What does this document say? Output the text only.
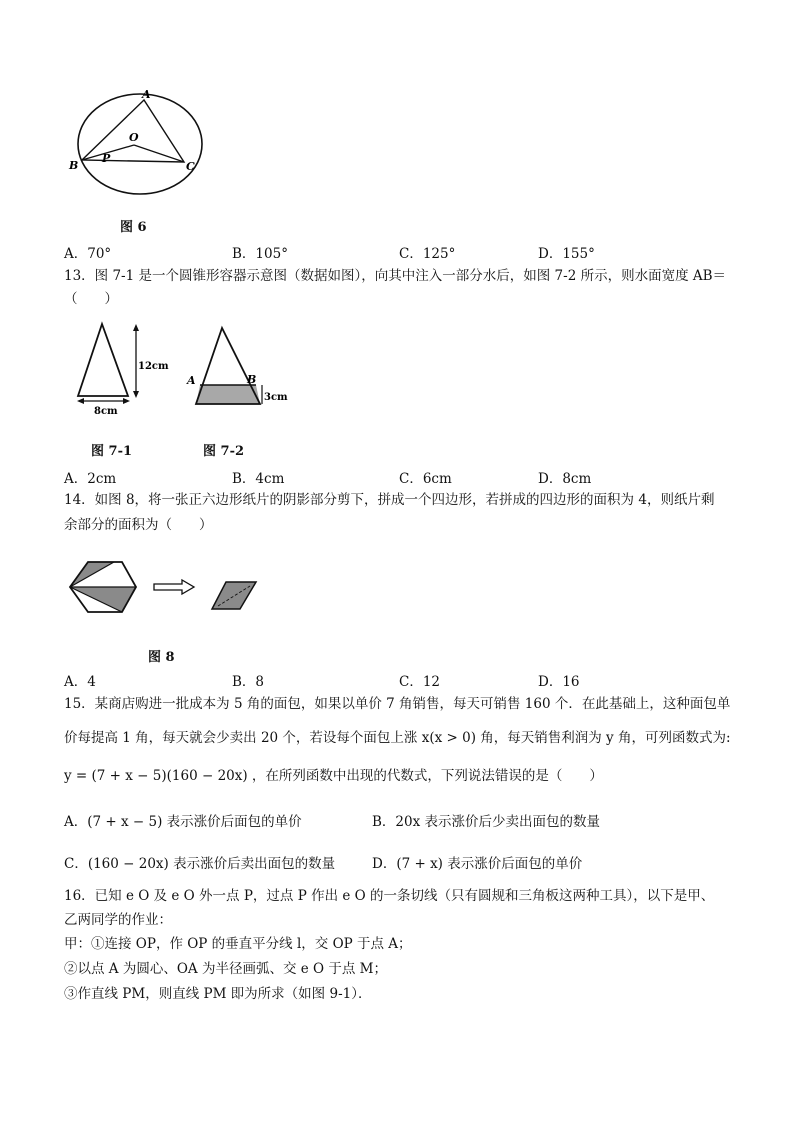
A
O
B
P
C
图 6
A．70°	B．105°	C．125°	D．155°
13．图 7-1 是一个圆锥形容器示意图（数据如图），向其中注入一部分水后，如图 7-2 所示，则水面宽度 AB＝
（　　）
12cm
8cm
A	B
3cm
图 7-1	图 7-2
A．2cm	B．4cm	C．6cm	D．8cm
14．如图 8，将一张正六边形纸片的阴影部分剪下，拼成一个四边形，若拼成的四边形的面积为 4，则纸片剩
余部分的面积为（　　）
图 8
A．4	B．8	C．12	D．16
15．某商店购进一批成本为 5 角的面包，如果以单价 7 角销售，每天可销售 160 个．在此基础上，这种面包单
价每提高 1 角，每天就会少卖出 20 个，若设每个面包上涨 x(x > 0) 角，每天销售利润为 y 角，可列函数式为:
y = (7 + x − 5)(160 − 20x) ，在所列函数中出现的代数式，下列说法错误的是（　　）
A．(7 + x − 5) 表示涨价后面包的单价	B．20x 表示涨价后少卖出面包的数量
C．(160 − 20x) 表示涨价后卖出面包的数量	D．(7 + x) 表示涨价后面包的单价
16．已知 e O 及 e O 外一点 P，过点 P 作出 e O 的一条切线（只有圆规和三角板这两种工具），以下是甲、
乙两同学的作业：
甲：①连接 OP，作 OP 的垂直平分线 l，交 OP 于点 A；
②以点 A 为圆心、OA 为半径画弧、交 e O 于点 M；
③作直线 PM，则直线 PM 即为所求（如图 9-1）．
